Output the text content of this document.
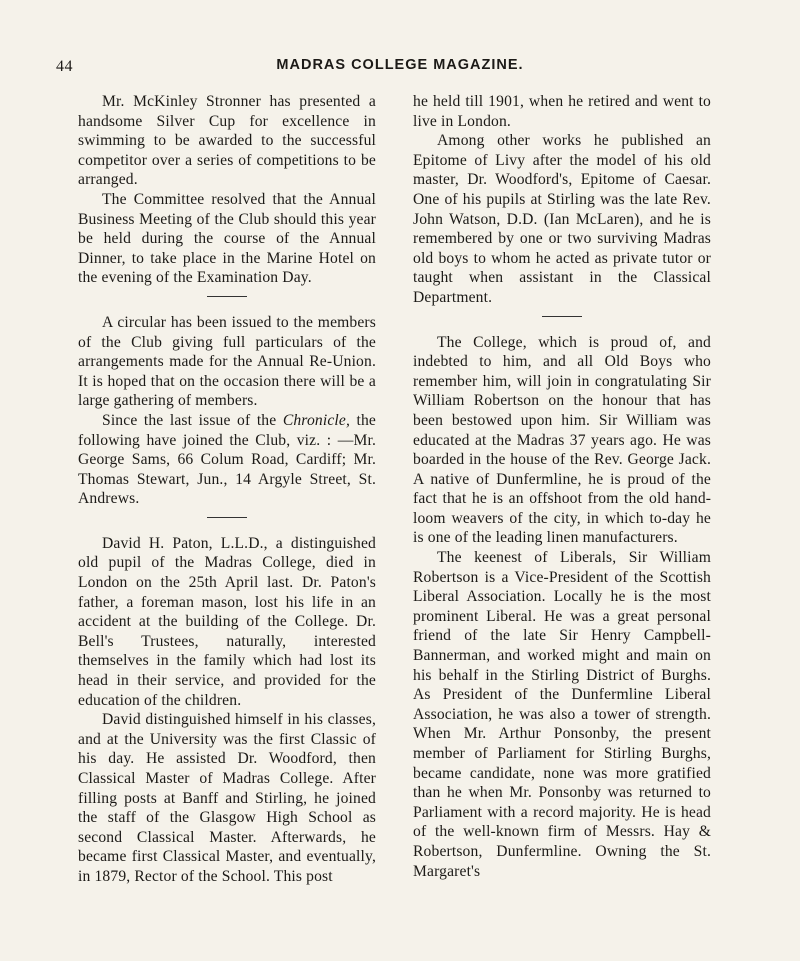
44	MADRAS COLLEGE MAGAZINE.

Mr. McKinley Stronner has presented a handsome Silver Cup for excellence in swimming to be awarded to the successful competitor over a series of competitions to be arranged.

The Committee resolved that the Annual Business Meeting of the Club should this year be held during the course of the Annual Dinner, to take place in the Marine Hotel on the evening of the Examination Day.

A circular has been issued to the members of the Club giving full particulars of the arrangements made for the Annual Re-Union. It is hoped that on the occasion there will be a large gathering of members.

Since the last issue of the Chronicle, the following have joined the Club, viz. : —Mr. George Sams, 66 Colum Road, Cardiff; Mr. Thomas Stewart, Jun., 14 Argyle Street, St. Andrews.

David H. Paton, L.L.D., a distinguished old pupil of the Madras College, died in London on the 25th April last. Dr. Paton's father, a foreman mason, lost his life in an accident at the building of the College. Dr. Bell's Trustees, naturally, interested themselves in the family which had lost its head in their service, and provided for the education of the children.

David distinguished himself in his classes, and at the University was the first Classic of his day. He assisted Dr. Woodford, then Classical Master of Madras College. After filling posts at Banff and Stirling, he joined the staff of the Glasgow High School as second Classical Master. Afterwards, he became first Classical Master, and eventually, in 1879, Rector of the School. This post

he held till 1901, when he retired and went to live in London.

Among other works he published an Epitome of Livy after the model of his old master, Dr. Woodford's, Epitome of Caesar. One of his pupils at Stirling was the late Rev. John Watson, D.D. (Ian McLaren), and he is remembered by one or two surviving Madras old boys to whom he acted as private tutor or taught when assistant in the Classical Department.

The College, which is proud of, and indebted to him, and all Old Boys who remember him, will join in congratulating Sir William Robertson on the honour that has been bestowed upon him. Sir William was educated at the Madras 37 years ago. He was boarded in the house of the Rev. George Jack. A native of Dunfermline, he is proud of the fact that he is an offshoot from the old handloom weavers of the city, in which to-day he is one of the leading linen manufacturers.

The keenest of Liberals, Sir William Robertson is a Vice-President of the Scottish Liberal Association. Locally he is the most prominent Liberal. He was a great personal friend of the late Sir Henry Campbell-Bannerman, and worked might and main on his behalf in the Stirling District of Burghs. As President of the Dunfermline Liberal Association, he was also a tower of strength. When Mr. Arthur Ponsonby, the present member of Parliament for Stirling Burghs, became candidate, none was more gratified than he when Mr. Ponsonby was returned to Parliament with a record majority. He is head of the well-known firm of Messrs. Hay & Robertson, Dunfermline. Owning the St. Margaret's
